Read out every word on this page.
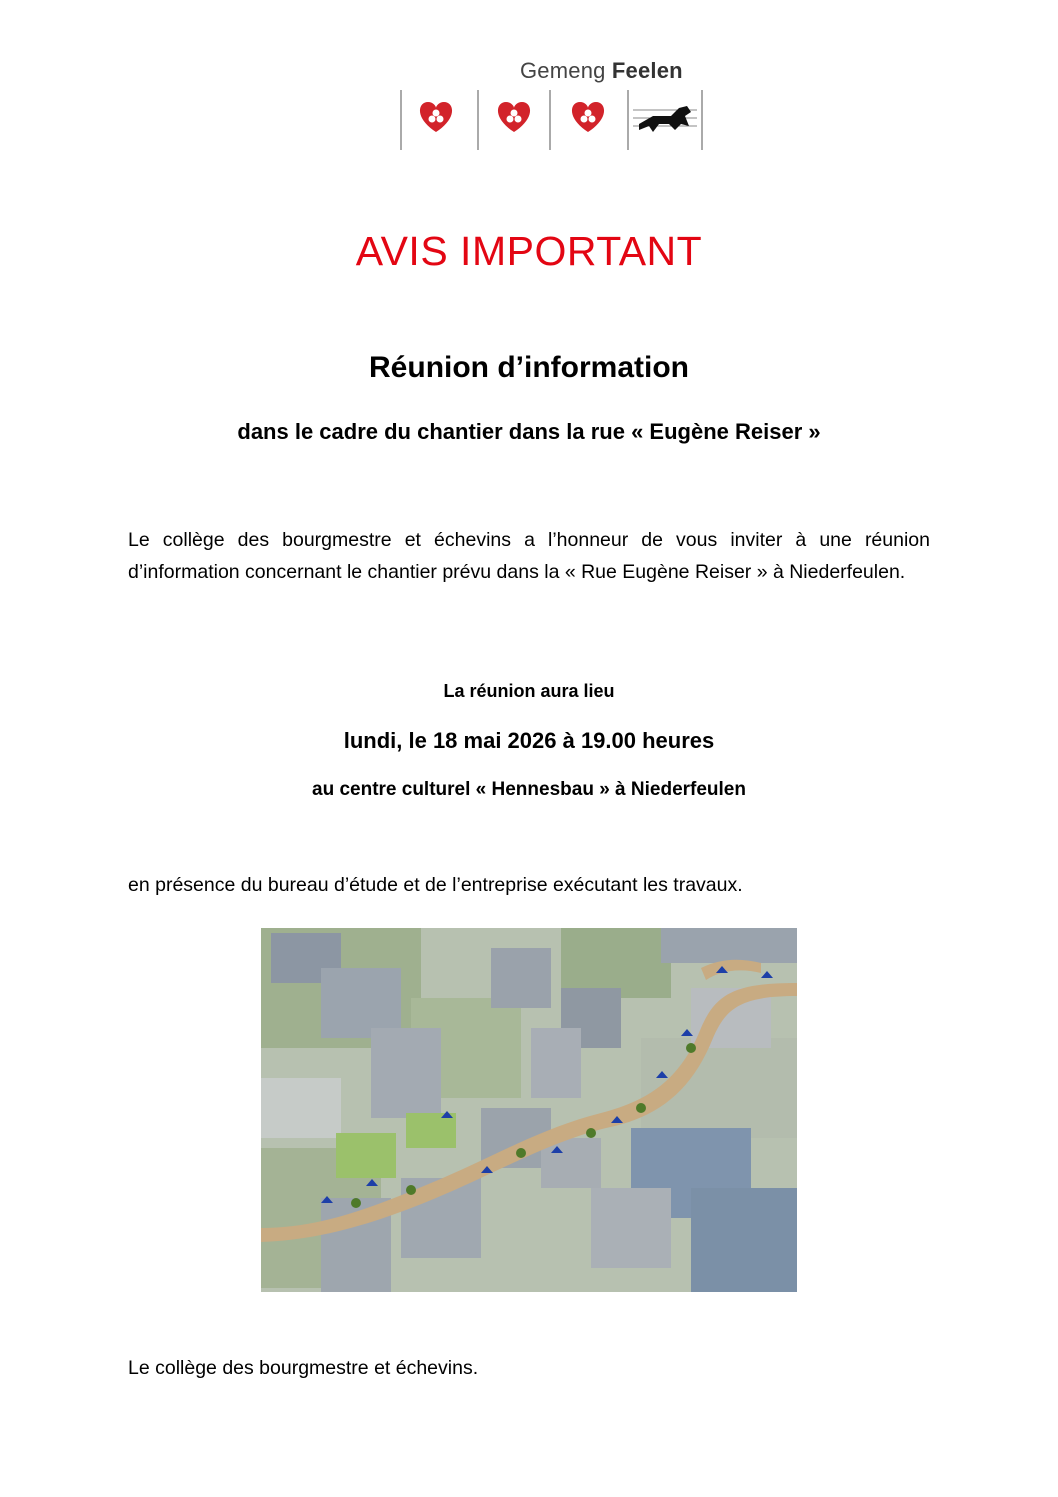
Gemeng Feelen
AVIS IMPORTANT
Réunion d’information
dans le cadre du chantier dans la rue « Eugène Reiser »
Le collège des bourgmestre et échevins a l’honneur de vous inviter à une réunion d’information concernant le chantier prévu dans la « Rue Eugène Reiser » à Niederfeulen.
La réunion aura lieu
lundi, le 18 mai 2026 à 19.00 heures
au centre culturel « Hennesbau » à Niederfeulen
en présence du bureau d’étude et de l’entreprise exécutant les travaux.
Le collège des bourgmestre et échevins.
